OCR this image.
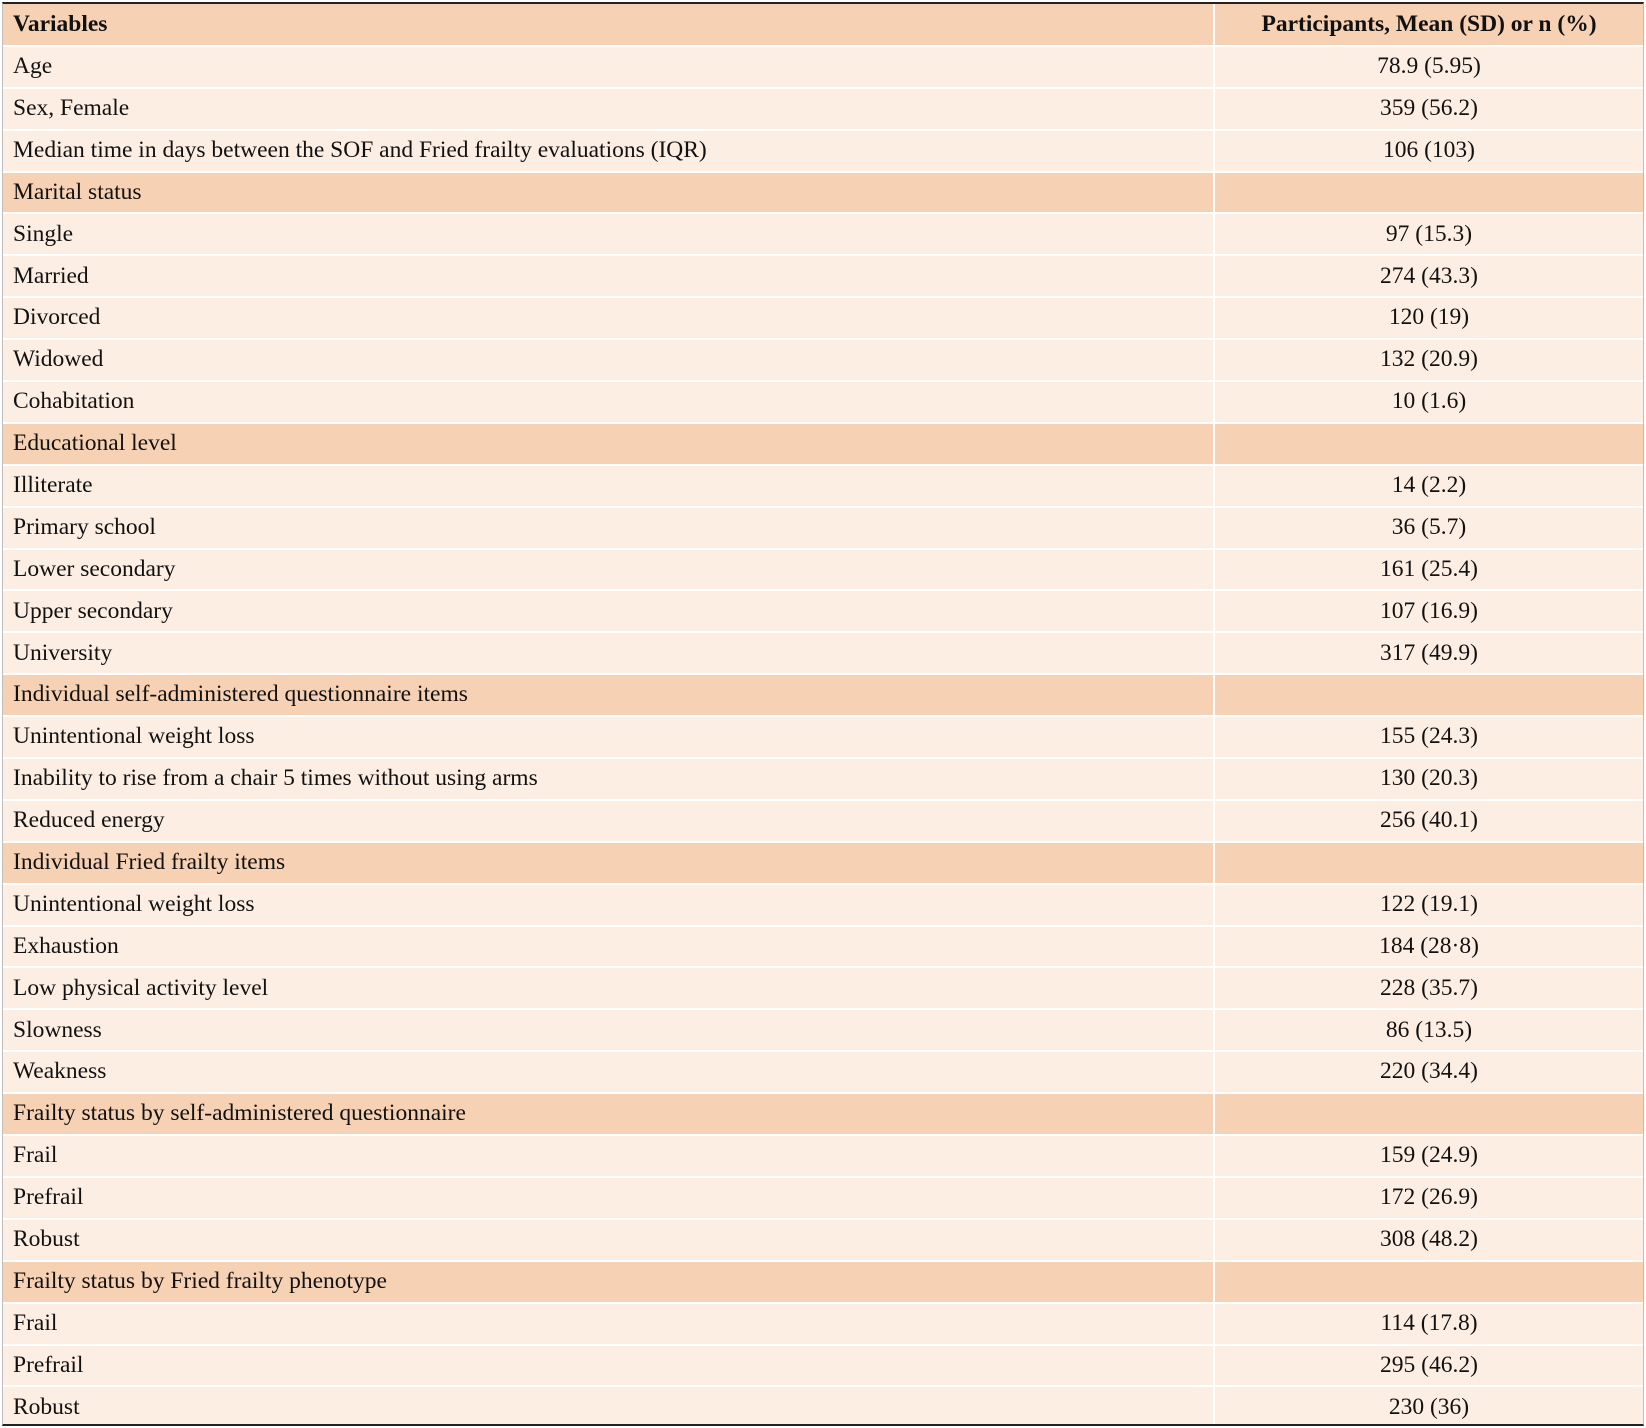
Variables	Participants, Mean (SD) or n (%)
Age	78.9 (5.95)
Sex, Female	359 (56.2)
Median time in days between the SOF and Fried frailty evaluations (IQR)	106 (103)
Marital status	
Single	97 (15.3)
Married	274 (43.3)
Divorced	120 (19)
Widowed	132 (20.9)
Cohabitation	10 (1.6)
Educational level	
Illiterate	14 (2.2)
Primary school	36 (5.7)
Lower secondary	161 (25.4)
Upper secondary	107 (16.9)
University	317 (49.9)
Individual self-administered questionnaire items	
Unintentional weight loss	155 (24.3)
Inability to rise from a chair 5 times without using arms	130 (20.3)
Reduced energy	256 (40.1)
Individual Fried frailty items	
Unintentional weight loss	122 (19.1)
Exhaustion	184 (28·8)
Low physical activity level	228 (35.7)
Slowness	86 (13.5)
Weakness	220 (34.4)
Frailty status by self-administered questionnaire	
Frail	159 (24.9)
Prefrail	172 (26.9)
Robust	308 (48.2)
Frailty status by Fried frailty phenotype	
Frail	114 (17.8)
Prefrail	295 (46.2)
Robust	230 (36)
